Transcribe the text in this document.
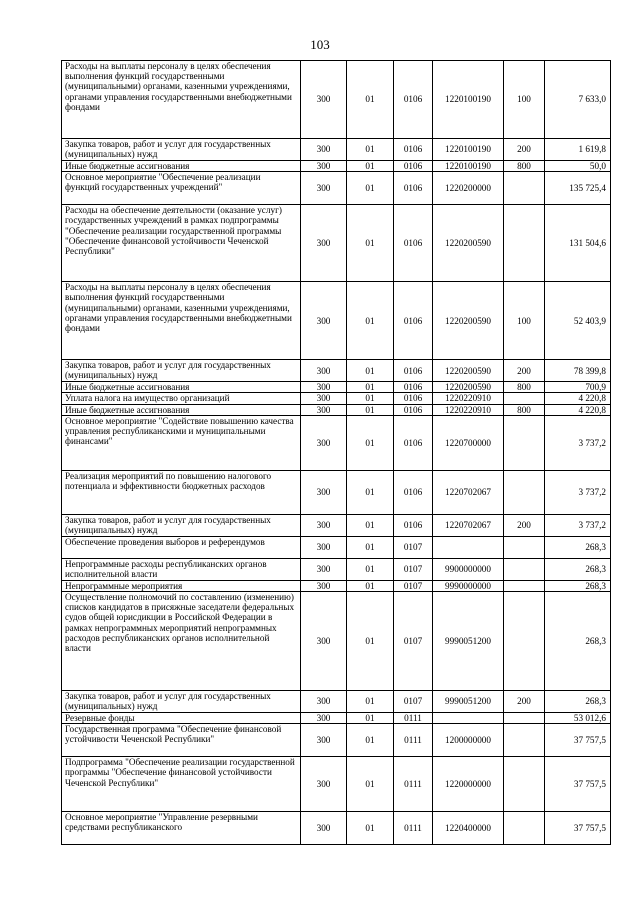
103
Расходы на выплаты персоналу в целях обеспечения выполнения функций государственными (муниципальными) органами, казенными учреждениями, органами управления государственными внебюджетными фондами	300	01	0106	1220100190	100	7 633,0
Закупка товаров, работ и услуг для государственных (муниципальных) нужд	300	01	0106	1220100190	200	1 619,8
Иные бюджетные ассигнования	300	01	0106	1220100190	800	50,0
Основное мероприятие "Обеспечение реализации функций государственных учреждений"	300	01	0106	1220200000		135 725,4
Расходы на обеспечение деятельности (оказание услуг) государственных учреждений в рамках подпрограммы "Обеспечение реализации государственной программы "Обеспечение финансовой устойчивости Чеченской Республики"	300	01	0106	1220200590		131 504,6
Расходы на выплаты персоналу в целях обеспечения выполнения функций государственными (муниципальными) органами, казенными учреждениями, органами управления государственными внебюджетными фондами	300	01	0106	1220200590	100	52 403,9
Закупка товаров, работ и услуг для государственных (муниципальных) нужд	300	01	0106	1220200590	200	78 399,8
Иные бюджетные ассигнования	300	01	0106	1220200590	800	700,9
Уплата налога на имущество организаций	300	01	0106	1220220910		4 220,8
Иные бюджетные ассигнования	300	01	0106	1220220910	800	4 220,8
Основное мероприятие "Содействие повышению качества управления республиканскими и муниципальными финансами"	300	01	0106	1220700000		3 737,2
Реализация мероприятий по повышению налогового потенциала и эффективности бюджетных расходов	300	01	0106	1220702067		3 737,2
Закупка товаров, работ и услуг для государственных (муниципальных) нужд	300	01	0106	1220702067	200	3 737,2
Обеспечение проведения выборов и референдумов	300	01	0107			268,3
Непрограммные расходы республиканских органов исполнительной власти	300	01	0107	9900000000		268,3
Непрограммные мероприятия	300	01	0107	9990000000		268,3
Осуществление полномочий по составлению (изменению) списков кандидатов в присяжные заседатели федеральных судов общей юрисдикции в Российской Федерации в рамках непрограммных мероприятий непрограммных расходов республиканских органов исполнительной власти	300	01	0107	9990051200		268,3
Закупка товаров, работ и услуг для государственных (муниципальных) нужд	300	01	0107	9990051200	200	268,3
Резервные фонды	300	01	0111			53 012,6
Государственная программа "Обеспечение финансовой устойчивости Чеченской Республики"	300	01	0111	1200000000		37 757,5
Подпрограмма "Обеспечение реализации государственной программы "Обеспечение финансовой устойчивости Чеченской Республики"	300	01	0111	1220000000		37 757,5
Основное мероприятие "Управление резервными средствами республиканского	300	01	0111	1220400000		37 757,5
